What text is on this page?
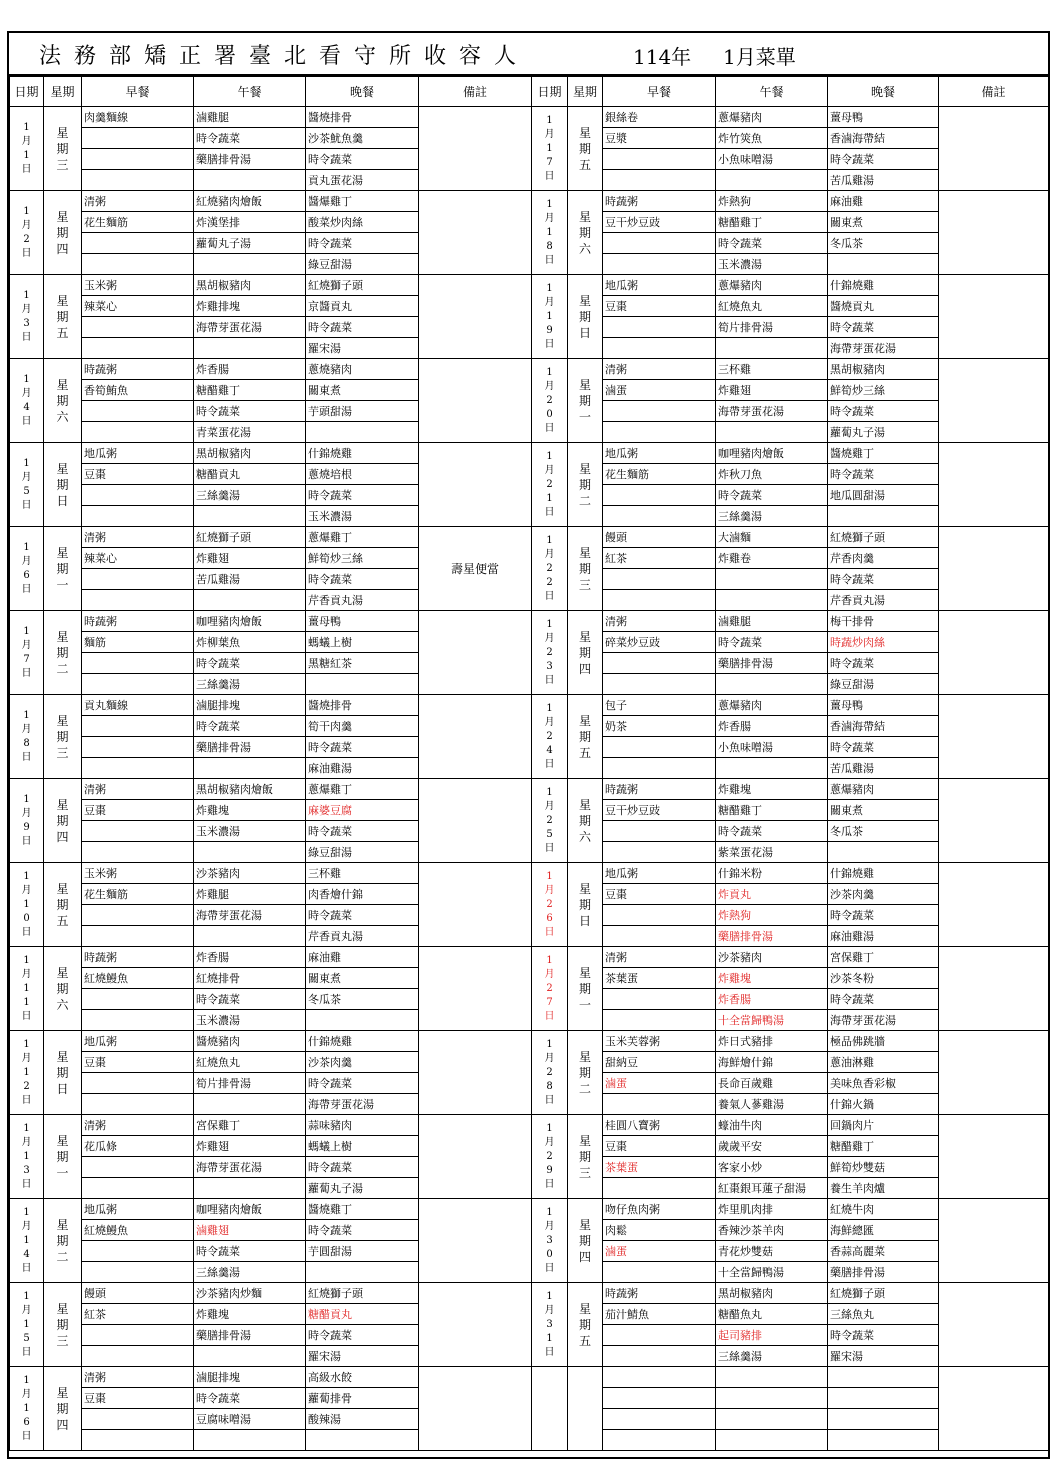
法務部矯正署臺北看守所收容人	114年 1月菜單
日期	星期	早餐	午餐	晚餐	備註
1月1日	星期三	肉羹麵線	滷雞腿	醬燒排骨	
			時令蔬菜	沙茶魷魚羹	
			藥膳排骨湯	時令蔬菜	
				貢丸蛋花湯	
1月2日	星期四	清粥	紅燒豬肉燴飯	醬爆雞丁	
		花生麵筋	炸漢堡排	酸菜炒肉絲	
			蘿蔔丸子湯	時令蔬菜	
				綠豆甜湯	
1月3日	星期五	玉米粥	黑胡椒豬肉	紅燒獅子頭	
		辣菜心	炸雞排塊	京醬貢丸	
			海帶芽蛋花湯	時令蔬菜	
				羅宋湯	
1月4日	星期六	時蔬粥	炸香腸	蔥燒豬肉	
		香筍鮪魚	糖醋雞丁	關東煮	
			時令蔬菜	芋頭甜湯	
			青菜蛋花湯		
1月5日	星期日	地瓜粥	黑胡椒豬肉	什錦燒雞	
		豆棗	糖醋貢丸	蔥燒培根	
			三絲羹湯	時令蔬菜	
				玉米濃湯	
1月6日	星期一	清粥	紅燒獅子頭	蔥爆雞丁	壽星便當
		辣菜心	炸雞翅	鮮筍炒三絲	
			苦瓜雞湯	時令蔬菜	
				芹香貢丸湯	
1月7日	星期二	時蔬粥	咖哩豬肉燴飯	薑母鴨	
		麵筋	炸柳葉魚	螞蟻上樹	
			時令蔬菜	黑糖紅茶	
			三絲羹湯		
1月8日	星期三	貢丸麵線	滷腿排塊	醬燒排骨	
			時令蔬菜	筍干肉羹	
			藥膳排骨湯	時令蔬菜	
				麻油雞湯	
1月9日	星期四	清粥	黑胡椒豬肉燴飯	蔥爆雞丁	
		豆棗	炸雞塊	麻婆豆腐	
			玉米濃湯	時令蔬菜	
				綠豆甜湯	
1月10日	星期五	玉米粥	沙茶豬肉	三杯雞	
		花生麵筋	炸雞腿	肉香燴什錦	
			海帶芽蛋花湯	時令蔬菜	
				芹香貢丸湯	
1月11日	星期六	時蔬粥	炸香腸	麻油雞	
		紅燒鰻魚	紅燒排骨	關東煮	
			時令蔬菜	冬瓜茶	
			玉米濃湯		
1月12日	星期日	地瓜粥	醬燒豬肉	什錦燒雞	
		豆棗	紅燒魚丸	沙茶肉羹	
			筍片排骨湯	時令蔬菜	
				海帶芽蛋花湯	
1月13日	星期一	清粥	宮保雞丁	蒜味豬肉	
		花瓜條	炸雞翅	螞蟻上樹	
			海帶芽蛋花湯	時令蔬菜	
				蘿蔔丸子湯	
1月14日	星期二	地瓜粥	咖哩豬肉燴飯	醬燒雞丁	
		紅燒鰻魚	滷雞翅	時令蔬菜	
			時令蔬菜	芋圓甜湯	
			三絲羹湯		
1月15日	星期三	饅頭	沙茶豬肉炒麵	紅燒獅子頭	
		紅茶	炸雞塊	糖醋貢丸	
			藥膳排骨湯	時令蔬菜	
				羅宋湯	
1月16日	星期四	清粥	滷腿排塊	高級水餃	
		豆棗	時令蔬菜	蘿蔔排骨	
			豆腐味噌湯	酸辣湯	

日期	星期	早餐	午餐	晚餐	備註
1月17日	星期五	銀絲卷	蔥爆豬肉	薑母鴨	
		豆漿	炸竹筴魚	香滷海帶結	
			小魚味噌湯	時令蔬菜	
				苦瓜雞湯	
1月18日	星期六	時蔬粥	炸熱狗	麻油雞	
		豆干炒豆豉	糖醋雞丁	關東煮	
			時令蔬菜	冬瓜茶	
			玉米濃湯		
1月19日	星期日	地瓜粥	蔥爆豬肉	什錦燒雞	
		豆棗	紅燒魚丸	醬燒貢丸	
			筍片排骨湯	時令蔬菜	
				海帶芽蛋花湯	
1月20日	星期一	清粥	三杯雞	黑胡椒豬肉	
		滷蛋	炸雞翅	鮮筍炒三絲	
			海帶芽蛋花湯	時令蔬菜	
				蘿蔔丸子湯	
1月21日	星期二	地瓜粥	咖哩豬肉燴飯	醬燒雞丁	
		花生麵筋	炸秋刀魚	時令蔬菜	
			時令蔬菜	地瓜圓甜湯	
			三絲羹湯		
1月22日	星期三	饅頭	大滷麵	紅燒獅子頭	
		紅茶	炸雞卷	芹香肉羹	
				時令蔬菜	
				芹香貢丸湯	
1月23日	星期四	清粥	滷雞腿	梅干排骨	
		碎菜炒豆豉	時令蔬菜	時蔬炒肉絲	
			藥膳排骨湯	時令蔬菜	
				綠豆甜湯	
1月24日	星期五	包子	蔥爆豬肉	薑母鴨	
		奶茶	炸香腸	香滷海帶結	
			小魚味噌湯	時令蔬菜	
				苦瓜雞湯	
1月25日	星期六	時蔬粥	炸雞塊	蔥爆豬肉	
		豆干炒豆豉	糖醋雞丁	關東煮	
			時令蔬菜	冬瓜茶	
			紫菜蛋花湯		
1月26日	星期日	地瓜粥	什錦米粉	什錦燒雞	
		豆棗	炸貢丸	沙茶肉羹	
			炸熱狗	時令蔬菜	
			藥膳排骨湯	麻油雞湯	
1月27日	星期一	清粥	沙茶豬肉	宮保雞丁	
		茶葉蛋	炸雞塊	沙茶冬粉	
			炸香腸	時令蔬菜	
			十全當歸鴨湯	海帶芽蛋花湯	
1月28日	星期二	玉米芙蓉粥	炸日式豬排	極品佛跳牆	
		甜納豆	海鮮燴什錦	蔥油淋雞	
		滷蛋	長命百歲雞	美味魚香彩椒	
			養氣人蔘雞湯	什錦火鍋	
1月29日	星期三	桂圓八寶粥	蠔油牛肉	回鍋肉片	
		豆棗	歲歲平安	糖醋雞丁	
		茶葉蛋	客家小炒	鮮筍炒雙菇	
			紅棗銀耳蓮子甜湯	養生羊肉爐	
1月30日	星期四	吻仔魚肉粥	炸里肌肉排	紅燒牛肉	
		肉鬆	香辣沙茶羊肉	海鮮總匯	
		滷蛋	青花炒雙菇	香蒜高麗菜	
			十全當歸鴨湯	藥膳排骨湯	
1月31日	星期五	時蔬粥	黑胡椒豬肉	紅燒獅子頭	
		茄汁鯖魚	糖醋魚丸	三絲魚丸	
			起司豬排	時令蔬菜	
			三絲羹湯	羅宋湯	
